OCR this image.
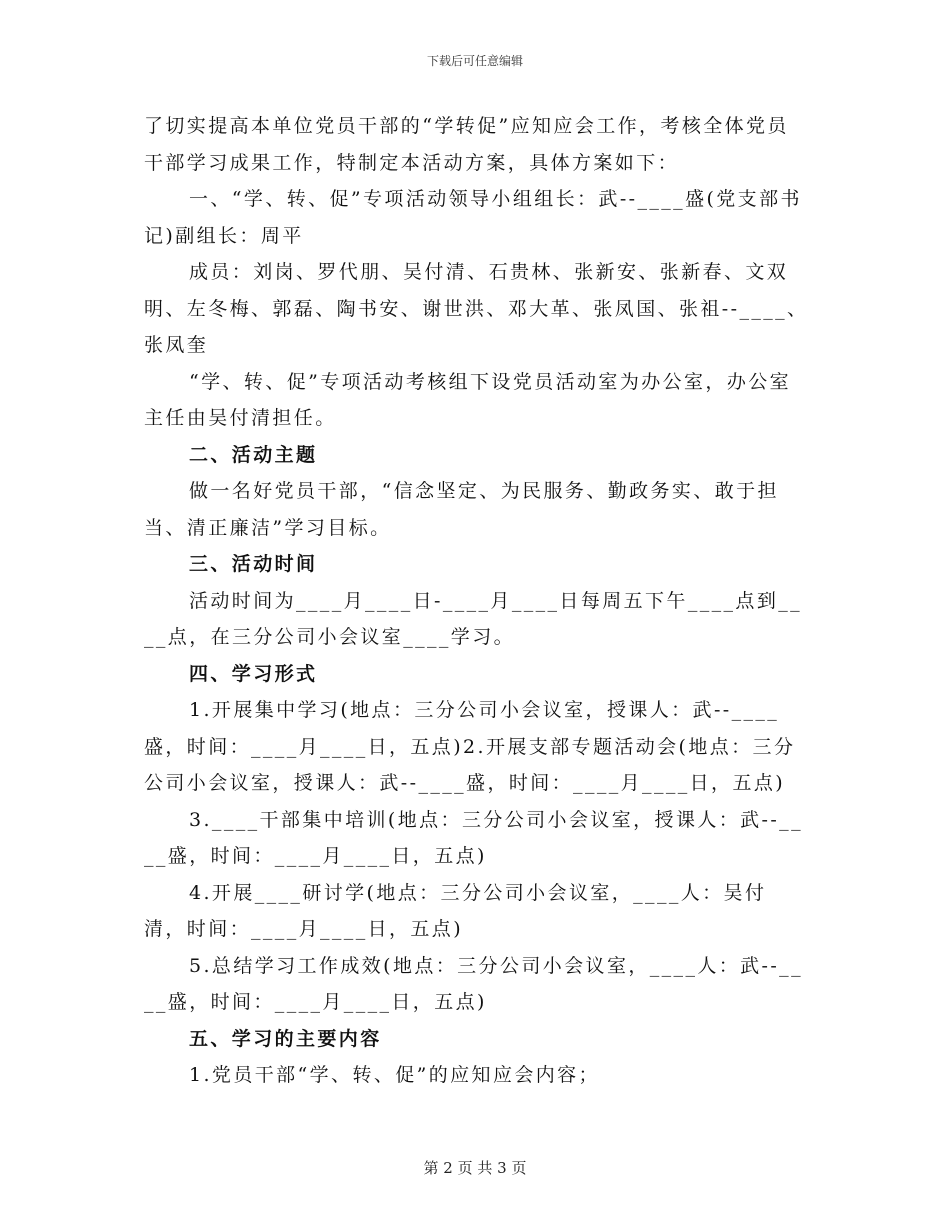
下载后可任意编辑

了切实提高本单位党员干部的“学转促”应知应会工作，考核全体党员干部学习成果工作，特制定本活动方案，具体方案如下：

一、“学、转、促”专项活动领导小组组长：武--____盛(党支部书记)副组长：周平

成员：刘岗、罗代朋、吴付清、石贵林、张新安、张新春、文双明、左冬梅、郭磊、陶书安、谢世洪、邓大革、张凤国、张祖--____、张凤奎

“学、转、促”专项活动考核组下设党员活动室为办公室，办公室主任由吴付清担任。

二、活动主题

做一名好党员干部，“信念坚定、为民服务、勤政务实、敢于担当、清正廉洁”学习目标。

三、活动时间

活动时间为____月____日-____月____日每周五下午____点到____点，在三分公司小会议室____学习。

四、学习形式

1.开展集中学习(地点：三分公司小会议室，授课人：武--____盛，时间：____月____日，五点)2.开展支部专题活动会(地点：三分公司小会议室，授课人：武--____盛，时间：____月____日，五点)

3.____干部集中培训(地点：三分公司小会议室，授课人：武--____盛，时间：____月____日，五点)

4.开展____研讨学(地点：三分公司小会议室，____人：吴付清，时间：____月____日，五点)

5.总结学习工作成效(地点：三分公司小会议室，____人：武--____盛，时间：____月____日，五点)

五、学习的主要内容

1.党员干部“学、转、促”的应知应会内容；

第 2 页 共 3 页
